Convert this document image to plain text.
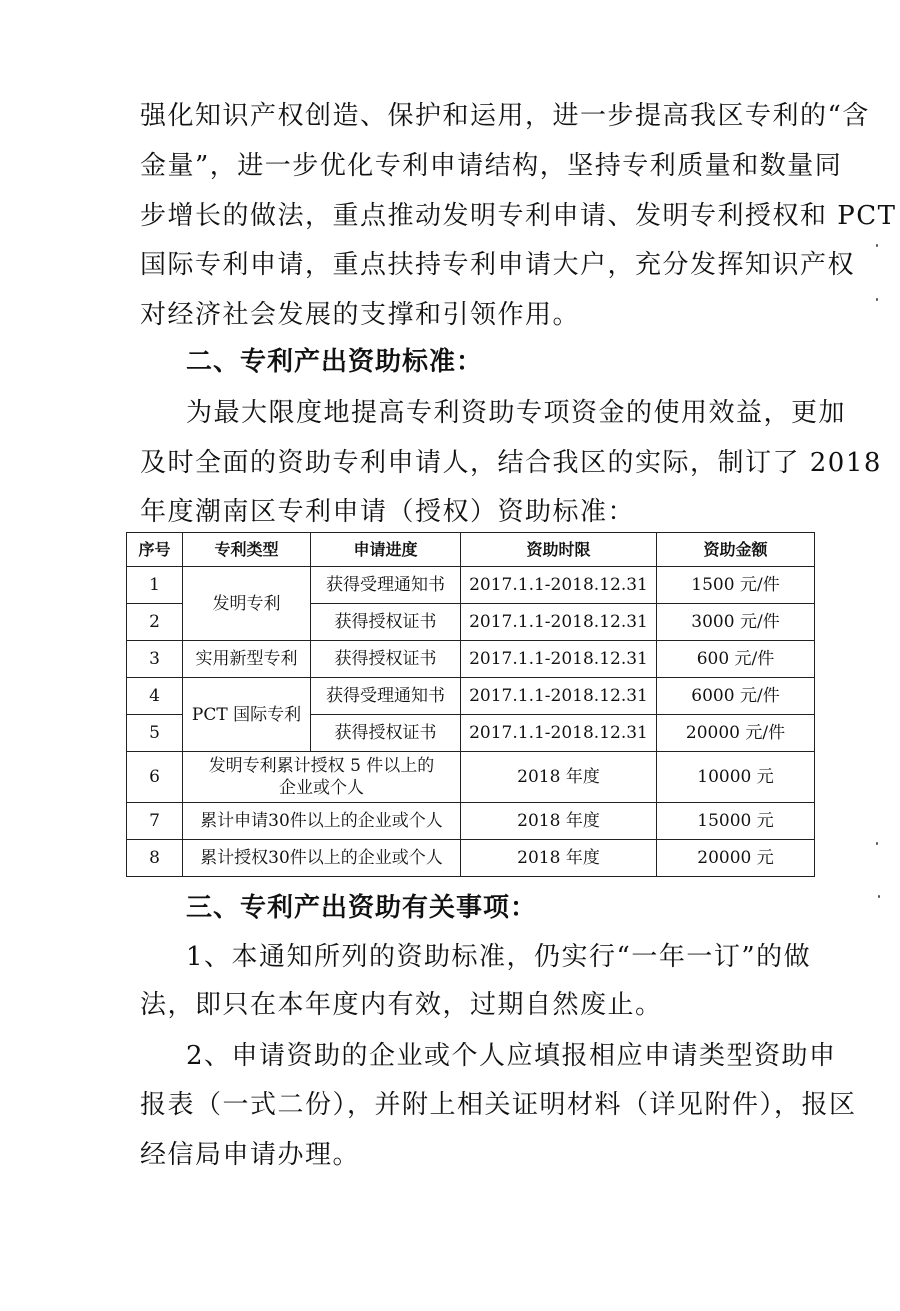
强化知识产权创造、保护和运用，进一步提高我区专利的“含
金量”，进一步优化专利申请结构，坚持专利质量和数量同
步增长的做法，重点推动发明专利申请、发明专利授权和 PCT
国际专利申请，重点扶持专利申请大户，充分发挥知识产权
对经济社会发展的支撑和引领作用。
二、专利产出资助标准：
为最大限度地提高专利资助专项资金的使用效益，更加
及时全面的资助专利申请人，结合我区的实际，制订了 2018
年度潮南区专利申请（授权）资助标准：
序号	专利类型	申请进度	资助时限	资助金额
1	发明专利	获得受理通知书	2017.1.1-2018.12.31	1500 元/件
2		获得授权证书	2017.1.1-2018.12.31	3000 元/件
3	实用新型专利	获得授权证书	2017.1.1-2018.12.31	600 元/件
4	PCT 国际专利	获得受理通知书	2017.1.1-2018.12.31	6000 元/件
5		获得授权证书	2017.1.1-2018.12.31	20000 元/件
6	发明专利累计授权 5 件以上的
企业或个人		2018 年度	10000 元
7	累计申请30件以上的企业或个人		2018 年度	15000 元
8	累计授权30件以上的企业或个人		2018 年度	20000 元
三、专利产出资助有关事项：
1、本通知所列的资助标准，仍实行“一年一订”的做
法，即只在本年度内有效，过期自然废止。
2、申请资助的企业或个人应填报相应申请类型资助申
报表（一式二份），并附上相关证明材料（详见附件），报区
经信局申请办理。
